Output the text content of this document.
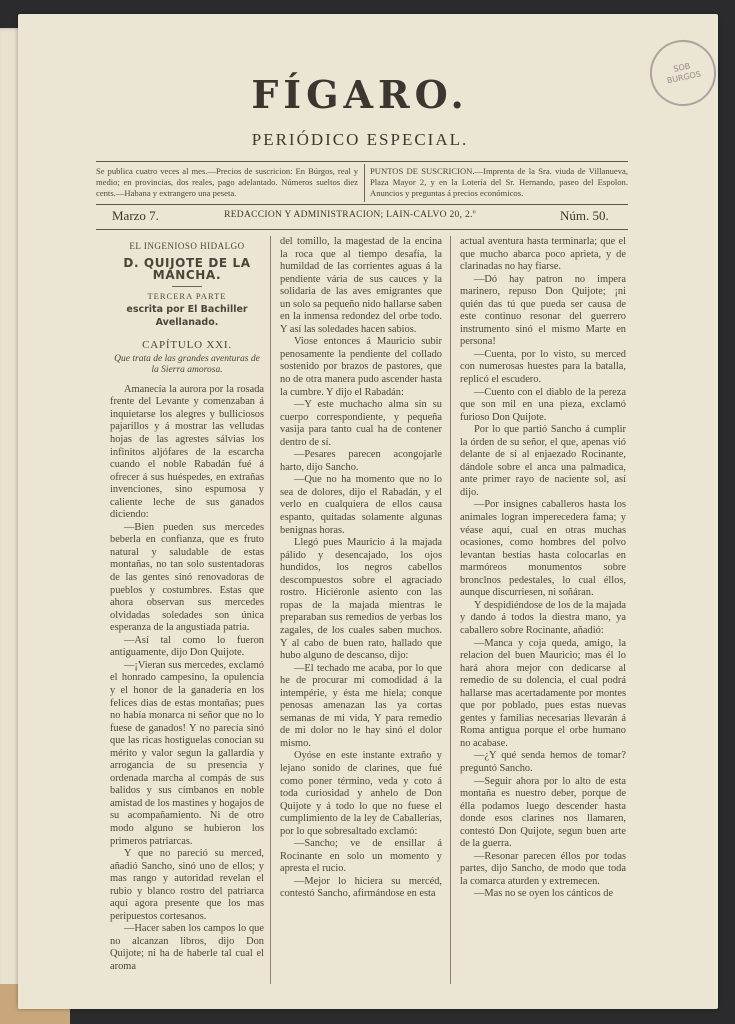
SOB BURGOS
FÍGARO.
PERIÓDICO ESPECIAL.
Se publica cuatro veces al mes.—Precios de suscricion: En Búrgos, real y medio; en provincias, dos reales, pago adelantado. Números sueltos diez cents.—Habana y extrangero una peseta.
PUNTOS DE SUSCRICION.—Imprenta de la Sra. viuda de Villanueva, Plaza Mayor 2, y en la Lotería del Sr. Hernando, paseo del Espolon. Anuncios y preguntas á precios económicos.
Marzo 7.	REDACCION Y ADMINISTRACION; LAIN-CALVO 20, 2.º	Núm. 50.
EL INGENIOSO HIDALGO
D. QUIJOTE DE LA MANCHA.
TERCERA PARTE
escrita por El Bachiller Avellanado.
CAPÍTULO XXI.
Que trata de las grandes aventuras de la Sierra amorosa.

Amanecía la aurora por la rosada frente del Levante y comenzaban á inquietarse los alegres y bulliciosos pajarillos y á mostrar las velludas hojas de las agrestes sálvias los infinitos aljófares de la escarcha cuando el noble Rabadán fué á ofrecer á sus huéspedes, en extrañas invenciones, sino espumosa y caliente leche de sus ganados diciendo:

—Bien pueden sus mercedes beberla en confianza, que es fruto natural y saludable de estas montañas, no tan solo sustentadoras de las gentes sinó renovadoras de pueblos y costumbres. Estas que ahora observan sus mercedes olvidadas soledades son única esperanza de la angustiada patria.

—Así tal como lo fueron antiguamente, dijo Don Quijote.

—¡Vieran sus mercedes, exclamó el honrado campesino, la opulencia y el honor de la ganadería en los felices dias de estas montañas; pues no había monarca ni señor que no lo fuese de ganados! Y no parecía sinó que las ricas hostiguelas conocian su mérito y valor segun la gallardía y arrogancia de su presencia y ordenada marcha al compás de sus balidos y sus címbanos en noble amistad de los mastines y hogajos de su acompañamiento. Ni de otro modo alguno se hubieron los primeros patriarcas.

Y que no pareció su merced, añadió Sancho, sinó uno de ellos; y mas rango y autoridad revelan el rubio y blanco rostro del patriarca aquí agora presente que los mas peripuestos cortesanos.

—Hacer saben los campos lo que no alcanzan libros, dijo Don Quijote; ni ha de haberle tal cual el aroma

del tomillo, la magestad de la encina la roca que al tiempo desafía, la humildad de las corrientes aguas á la pendiente vária de sus cauces y la solidaria de las aves emigrantes que un solo sa pequeño nido hallarse saben en la inmensa redondez del orbe todo. Y así las soledades hacen sabios.

Viose entonces á Mauricio subir penosamente la pendiente del collado sostenido por brazos de pastores, que no de otra manera pudo ascender hasta la cumbre. Y dijo el Rabadán:

—Y este muchacho alma sin su cuerpo correspondiente, y pequeña vasija para tanto cual ha de contener dentro de sí.

—Pesares parecen acongojarle harto, dijo Sancho.

—Que no ha momento que no lo sea de dolores, dijo el Rabadán, y el verlo en cualquiera de ellos causa espanto, quitadas solamente algunas benignas horas.

Llegó pues Mauricio á la majada pálido y desencajado, los ojos hundidos, los negros cabellos descompuestos sobre el agraciado rostro. Hiciéronle asiento con las ropas de la majada mientras le preparaban sus remedios de yerbas los zagales, de los cuales saben muchos. Y al cabo de buen rato, hallado que hubo alguno de descanso, dijo:

—El techado me acaba, por lo que he de procurar mi comodidad á la intempérie, y ésta me hiela; conque penosas amenazan las ya cortas semanas de mi vida, Y para remedio de mi dolor no le hay sinó el dolor mismo.

Oyóse en este instante extraño y lejano sonido de clarines, que fué como poner término, veda y coto á toda curiosidad y anhelo de Don Quijote y á todo lo que no fuese el cumplimiento de la ley de Caballerías, por lo que sobresaltado exclamó:

—Sancho; ve de ensillar á Rocinante en solo un momento y apresta el rucio.

—Mejor lo hiciera su mercéd, contestó Sancho, afirmándose en esta

actual aventura hasta terminarla; que el que mucho abarca poco aprieta, y de clarinadas no hay fiarse.

—Dó hay patron no impera marinero, repuso Don Quijote; ¡ni quién das tú que pueda ser causa de este continuo resonar del guerrero instrumento sinó el mismo Marte en persona!

—Cuenta, por lo visto, su merced con numerosas huestes para la batalla, replicó el escudero.

—Cuento con el diablo de la pereza que son mil en una pieza, exclamó furioso Don Quijote.

Por lo que partió Sancho á cumplir la órden de su señor, el que, apenas vió delante de sí al enjaezado Rocinante, dándole sobre el anca una palmadica, ante primer rayo de naciente sol, así dijo.

—Por insignes caballeros hasta los animales logran imperecedera fama; y véase aquí, cual en otras muchas ocasiones, como hombres del polvo levantan bestias hasta colocarlas en marmóreos monumentos sobre bronclnos pedestales, lo cual éllos, aunque discurriesen, ni soñáran.

Y despidiéndose de los de la majada y dando á todos la diestra mano, ya caballero sobre Rocinante, añadió:

—Manca y coja queda, amigo, la relacion del buen Mauricio; mas él lo hará ahora mejor con dedicarse al remedio de su dolencia, el cual podrá hallarse mas acertadamente por montes que por poblado, pues estas nuevas gentes y familias necesarias llevarán á Roma antigua porque el orbe humano no acabase.

—¿Y qué senda hemos de tomar? preguntó Sancho.

—Seguir ahora por lo alto de esta montaña es nuestro deber, porque de élla podamos luego descender hasta donde esos clarines nos llamaren, contestó Don Quijote, segun buen arte de la guerra.

—Resonar parecen éllos por todas partes, dijo Sancho, de modo que toda la comarca aturden y extremecen.

—Mas no se oyen los cánticos de
